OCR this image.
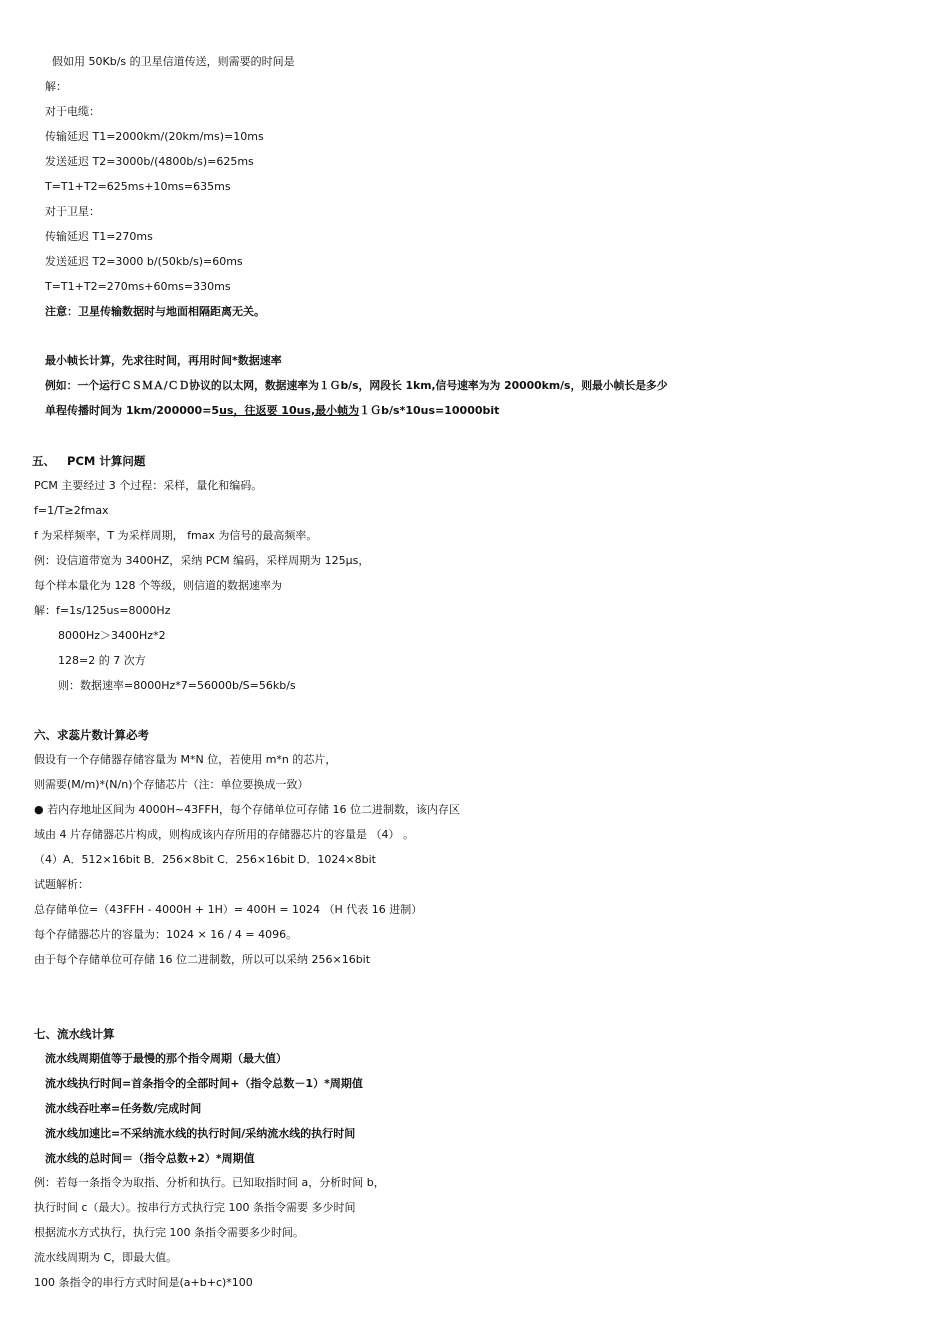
假如用 50Kb/s 的卫星信道传送，则需要的时间是
解：
对于电缆：
传输延迟 T1=2000km/(20km/ms)=10ms
发送延迟 T2=3000b/(4800b/s)=625ms
T=T1+T2=625ms+10ms=635ms
对于卫星：
传输延迟 T1=270ms
发送延迟 T2=3000 b/(50kb/s)=60ms
T=T1+T2=270ms+60ms=330ms
注意：卫星传输数据时与地面相隔距离无关。
最小帧长计算，先求往时间，再用时间*数据速率
例如：一个运行ＣＳＭＡ/ＣＤ协议的以太网，数据速率为１Ｇb/s，网段长 1km,信号速率为为 20000km/s，则最小帧长是多少
单程传播时间为 1km/200000=5us，往返要 10us,最小帧为１Ｇb/s*10us=10000bit
五、   PCM 计算问题
PCM 主要经过 3 个过程：采样，量化和编码。
f=1/T≥2fmax
f 为采样频率，T 为采样周期， fmax 为信号的最高频率。
例：设信道带宽为 3400HZ，采纳 PCM 编码，采样周期为 125μs，
每个样本量化为 128 个等级，则信道的数据速率为
解：f=1s/125us=8000Hz
8000Hz＞3400Hz*2
128=2 的 7 次方
则：数据速率=8000Hz*7=56000b/S=56kb/s
六、求蕊片数计算必考
假设有一个存储器存储容量为 M*N 位，若使用 m*n 的芯片，
则需要(M/m)*(N/n)个存储芯片（注：单位要换成一致）
● 若内存地址区间为 4000H~43FFH，每个存储单位可存储 16 位二进制数，该内存区
域由 4 片存储器芯片构成，则构成该内存所用的存储器芯片的容量是 （4） 。
（4）A．512×16bit B．256×8bit C．256×16bit D．1024×8bit
试题解析：
总存储单位=（43FFH - 4000H + 1H）= 400H = 1024 （H 代表 16 进制）
每个存储器芯片的容量为：1024 × 16 / 4 = 4096。
由于每个存储单位可存储 16 位二进制数，所以可以采纳 256×16bit
七、流水线计算
流水线周期值等于最慢的那个指令周期（最大值）
流水线执行时间=首条指令的全部时间+（指令总数－1）*周期值
流水线吞吐率=任务数/完成时间
流水线加速比=不采纳流水线的执行时间/采纳流水线的执行时间
流水线的总时间＝（指令总数+2）*周期值
例：若每一条指令为取指、分析和执行。已知取指时间 a，分析时间 b，
执行时间 c（最大）。按串行方式执行完 100 条指令需要 多少时间
根据流水方式执行，执行完 100 条指令需要多少时间。
流水线周期为 C，即最大值。
100 条指令的串行方式时间是(a+b+c)*100
